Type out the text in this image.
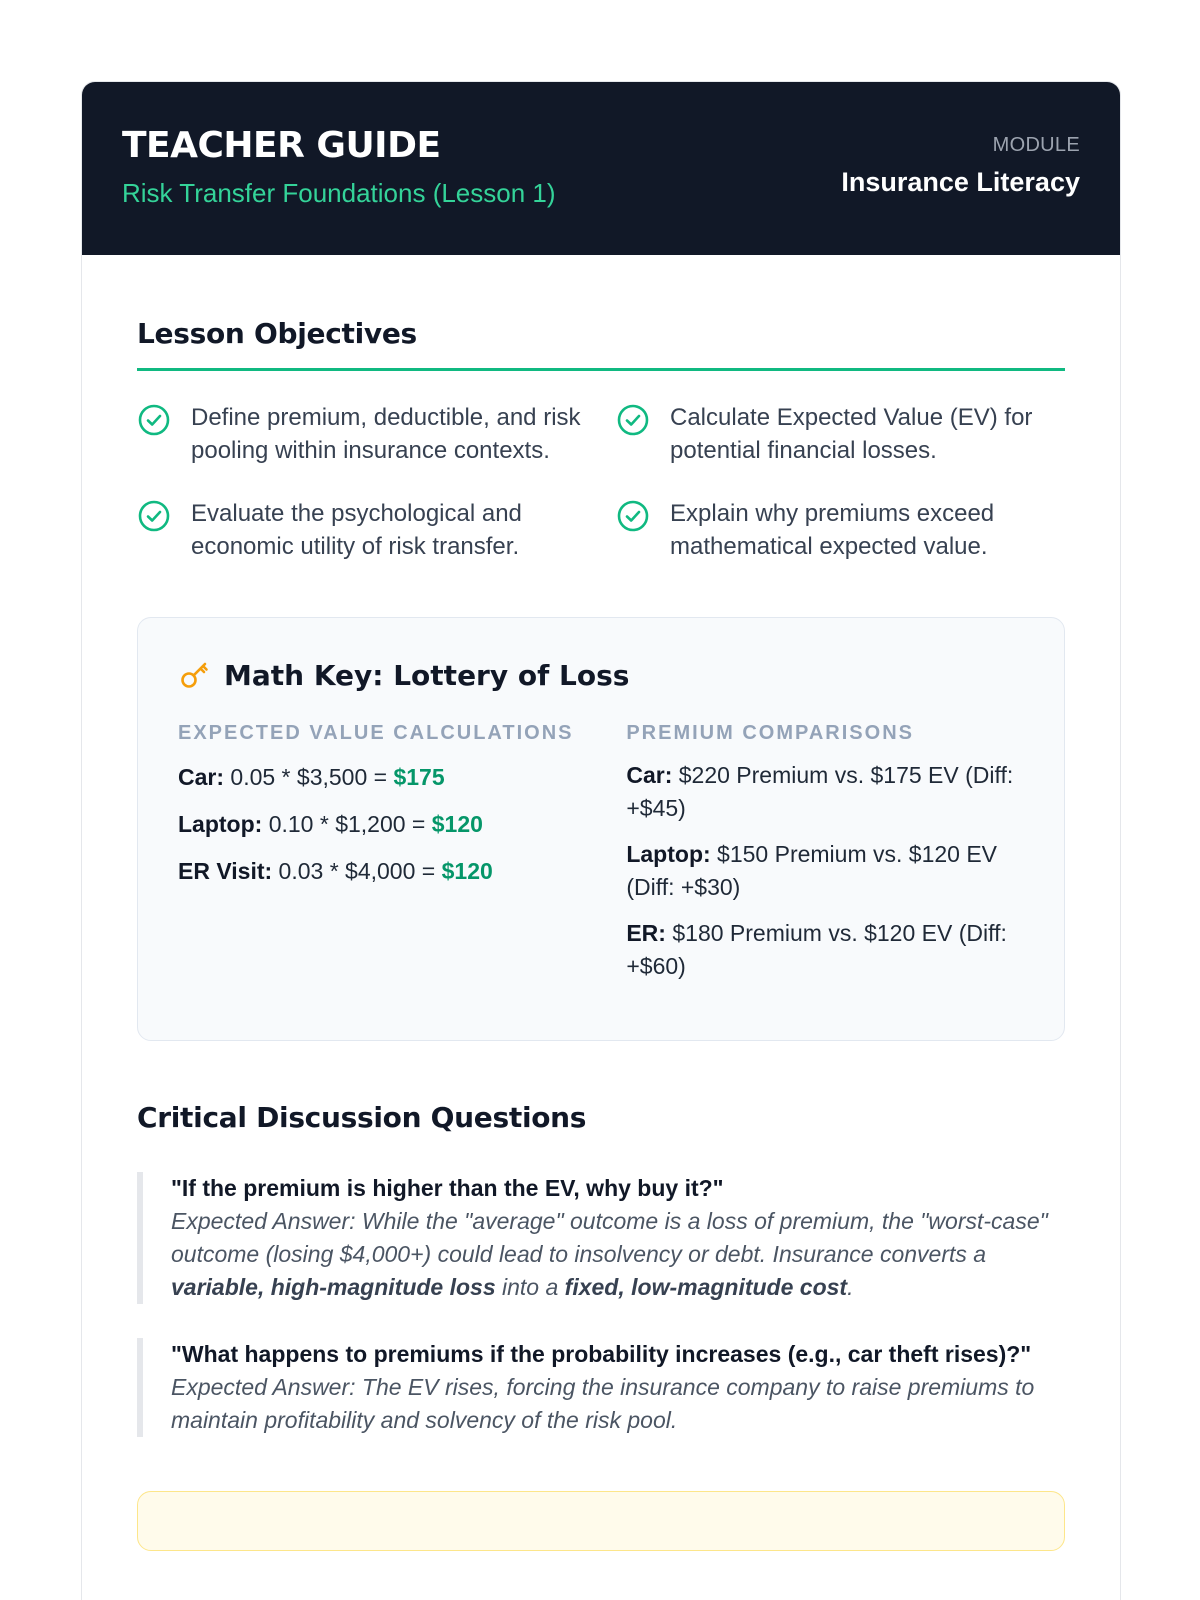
TEACHER GUIDE
Risk Transfer Foundations (Lesson 1)
MODULE
Insurance Literacy
Lesson Objectives
Define premium, deductible, and risk pooling within insurance contexts.
Calculate Expected Value (EV) for potential financial losses.
Evaluate the psychological and economic utility of risk transfer.
Explain why premiums exceed mathematical expected value.
Math Key: Lottery of Loss
EXPECTED VALUE CALCULATIONS
Car: 0.05 * $3,500 = $175
Laptop: 0.10 * $1,200 = $120
ER Visit: 0.03 * $4,000 = $120
PREMIUM COMPARISONS
Car: $220 Premium vs. $175 EV (Diff: +$45)
Laptop: $150 Premium vs. $120 EV (Diff: +$30)
ER: $180 Premium vs. $120 EV (Diff: +$60)
Critical Discussion Questions
"If the premium is higher than the EV, why buy it?"
Expected Answer: While the "average" outcome is a loss of premium, the "worst-case" outcome (losing $4,000+) could lead to insolvency or debt. Insurance converts a variable, high-magnitude loss into a fixed, low-magnitude cost.
"What happens to premiums if the probability increases (e.g., car theft rises)?"
Expected Answer: The EV rises, forcing the insurance company to raise premiums to maintain profitability and solvency of the risk pool.
